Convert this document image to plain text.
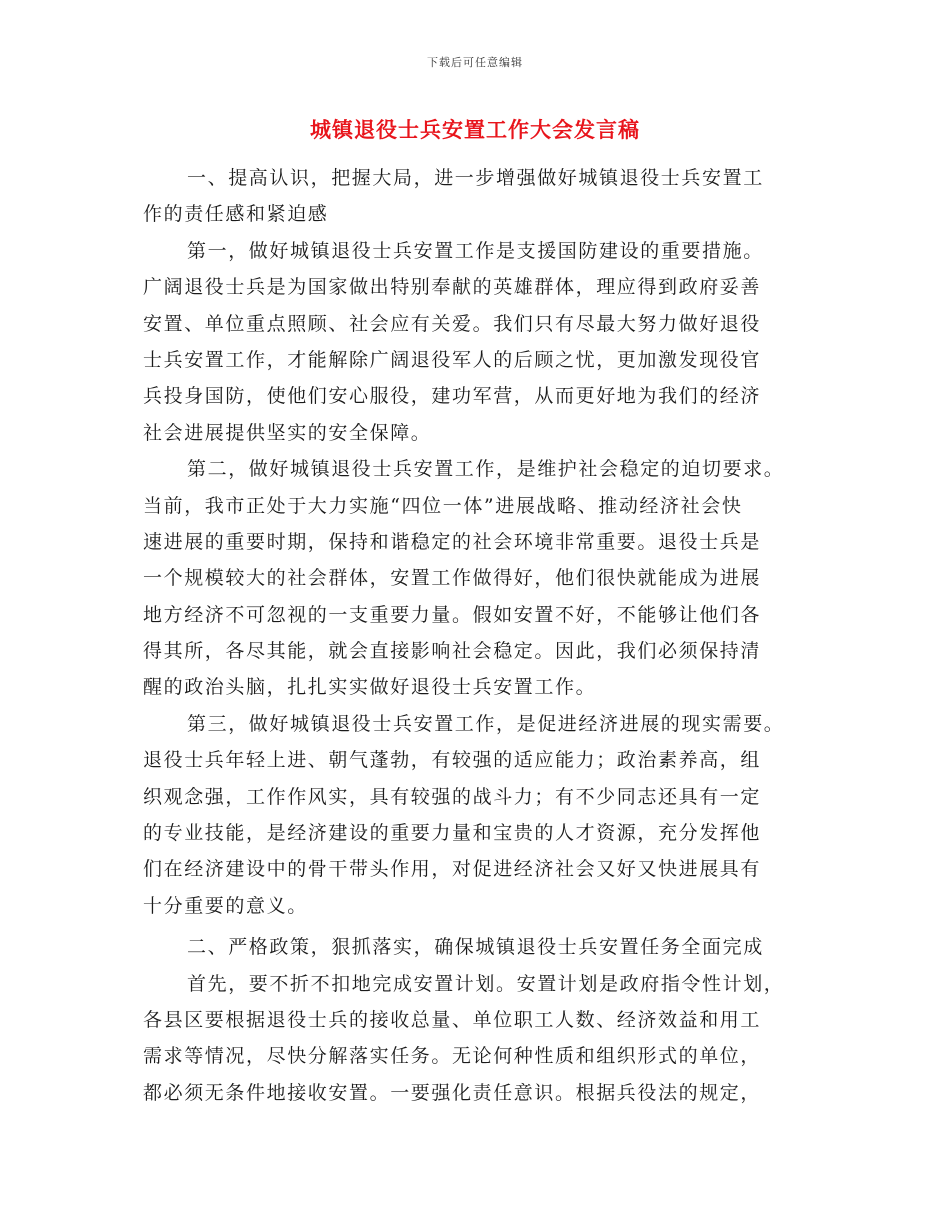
下载后可任意编辑
城镇退役士兵安置工作大会发言稿
一、提高认识，把握大局，进一步增强做好城镇退役士兵安置工
作的责任感和紧迫感
第一，做好城镇退役士兵安置工作是支援国防建设的重要措施。
广阔退役士兵是为国家做出特别奉献的英雄群体，理应得到政府妥善
安置、单位重点照顾、社会应有关爱。我们只有尽最大努力做好退役
士兵安置工作，才能解除广阔退役军人的后顾之忧，更加激发现役官
兵投身国防，使他们安心服役，建功军营，从而更好地为我们的经济
社会进展提供坚实的安全保障。
第二，做好城镇退役士兵安置工作，是维护社会稳定的迫切要求。
当前，我市正处于大力实施“四位一体”进展战略、推动经济社会快
速进展的重要时期，保持和谐稳定的社会环境非常重要。退役士兵是
一个规模较大的社会群体，安置工作做得好，他们很快就能成为进展
地方经济不可忽视的一支重要力量。假如安置不好，不能够让他们各
得其所，各尽其能，就会直接影响社会稳定。因此，我们必须保持清
醒的政治头脑，扎扎实实做好退役士兵安置工作。
第三，做好城镇退役士兵安置工作，是促进经济进展的现实需要。
退役士兵年轻上进、朝气蓬勃，有较强的适应能力；政治素养高，组
织观念强，工作作风实，具有较强的战斗力；有不少同志还具有一定
的专业技能，是经济建设的重要力量和宝贵的人才资源，充分发挥他
们在经济建设中的骨干带头作用，对促进经济社会又好又快进展具有
十分重要的意义。
二、严格政策，狠抓落实，确保城镇退役士兵安置任务全面完成
首先，要不折不扣地完成安置计划。安置计划是政府指令性计划，
各县区要根据退役士兵的接收总量、单位职工人数、经济效益和用工
需求等情况，尽快分解落实任务。无论何种性质和组织形式的单位，
都必须无条件地接收安置。一要强化责任意识。根据兵役法的规定，
